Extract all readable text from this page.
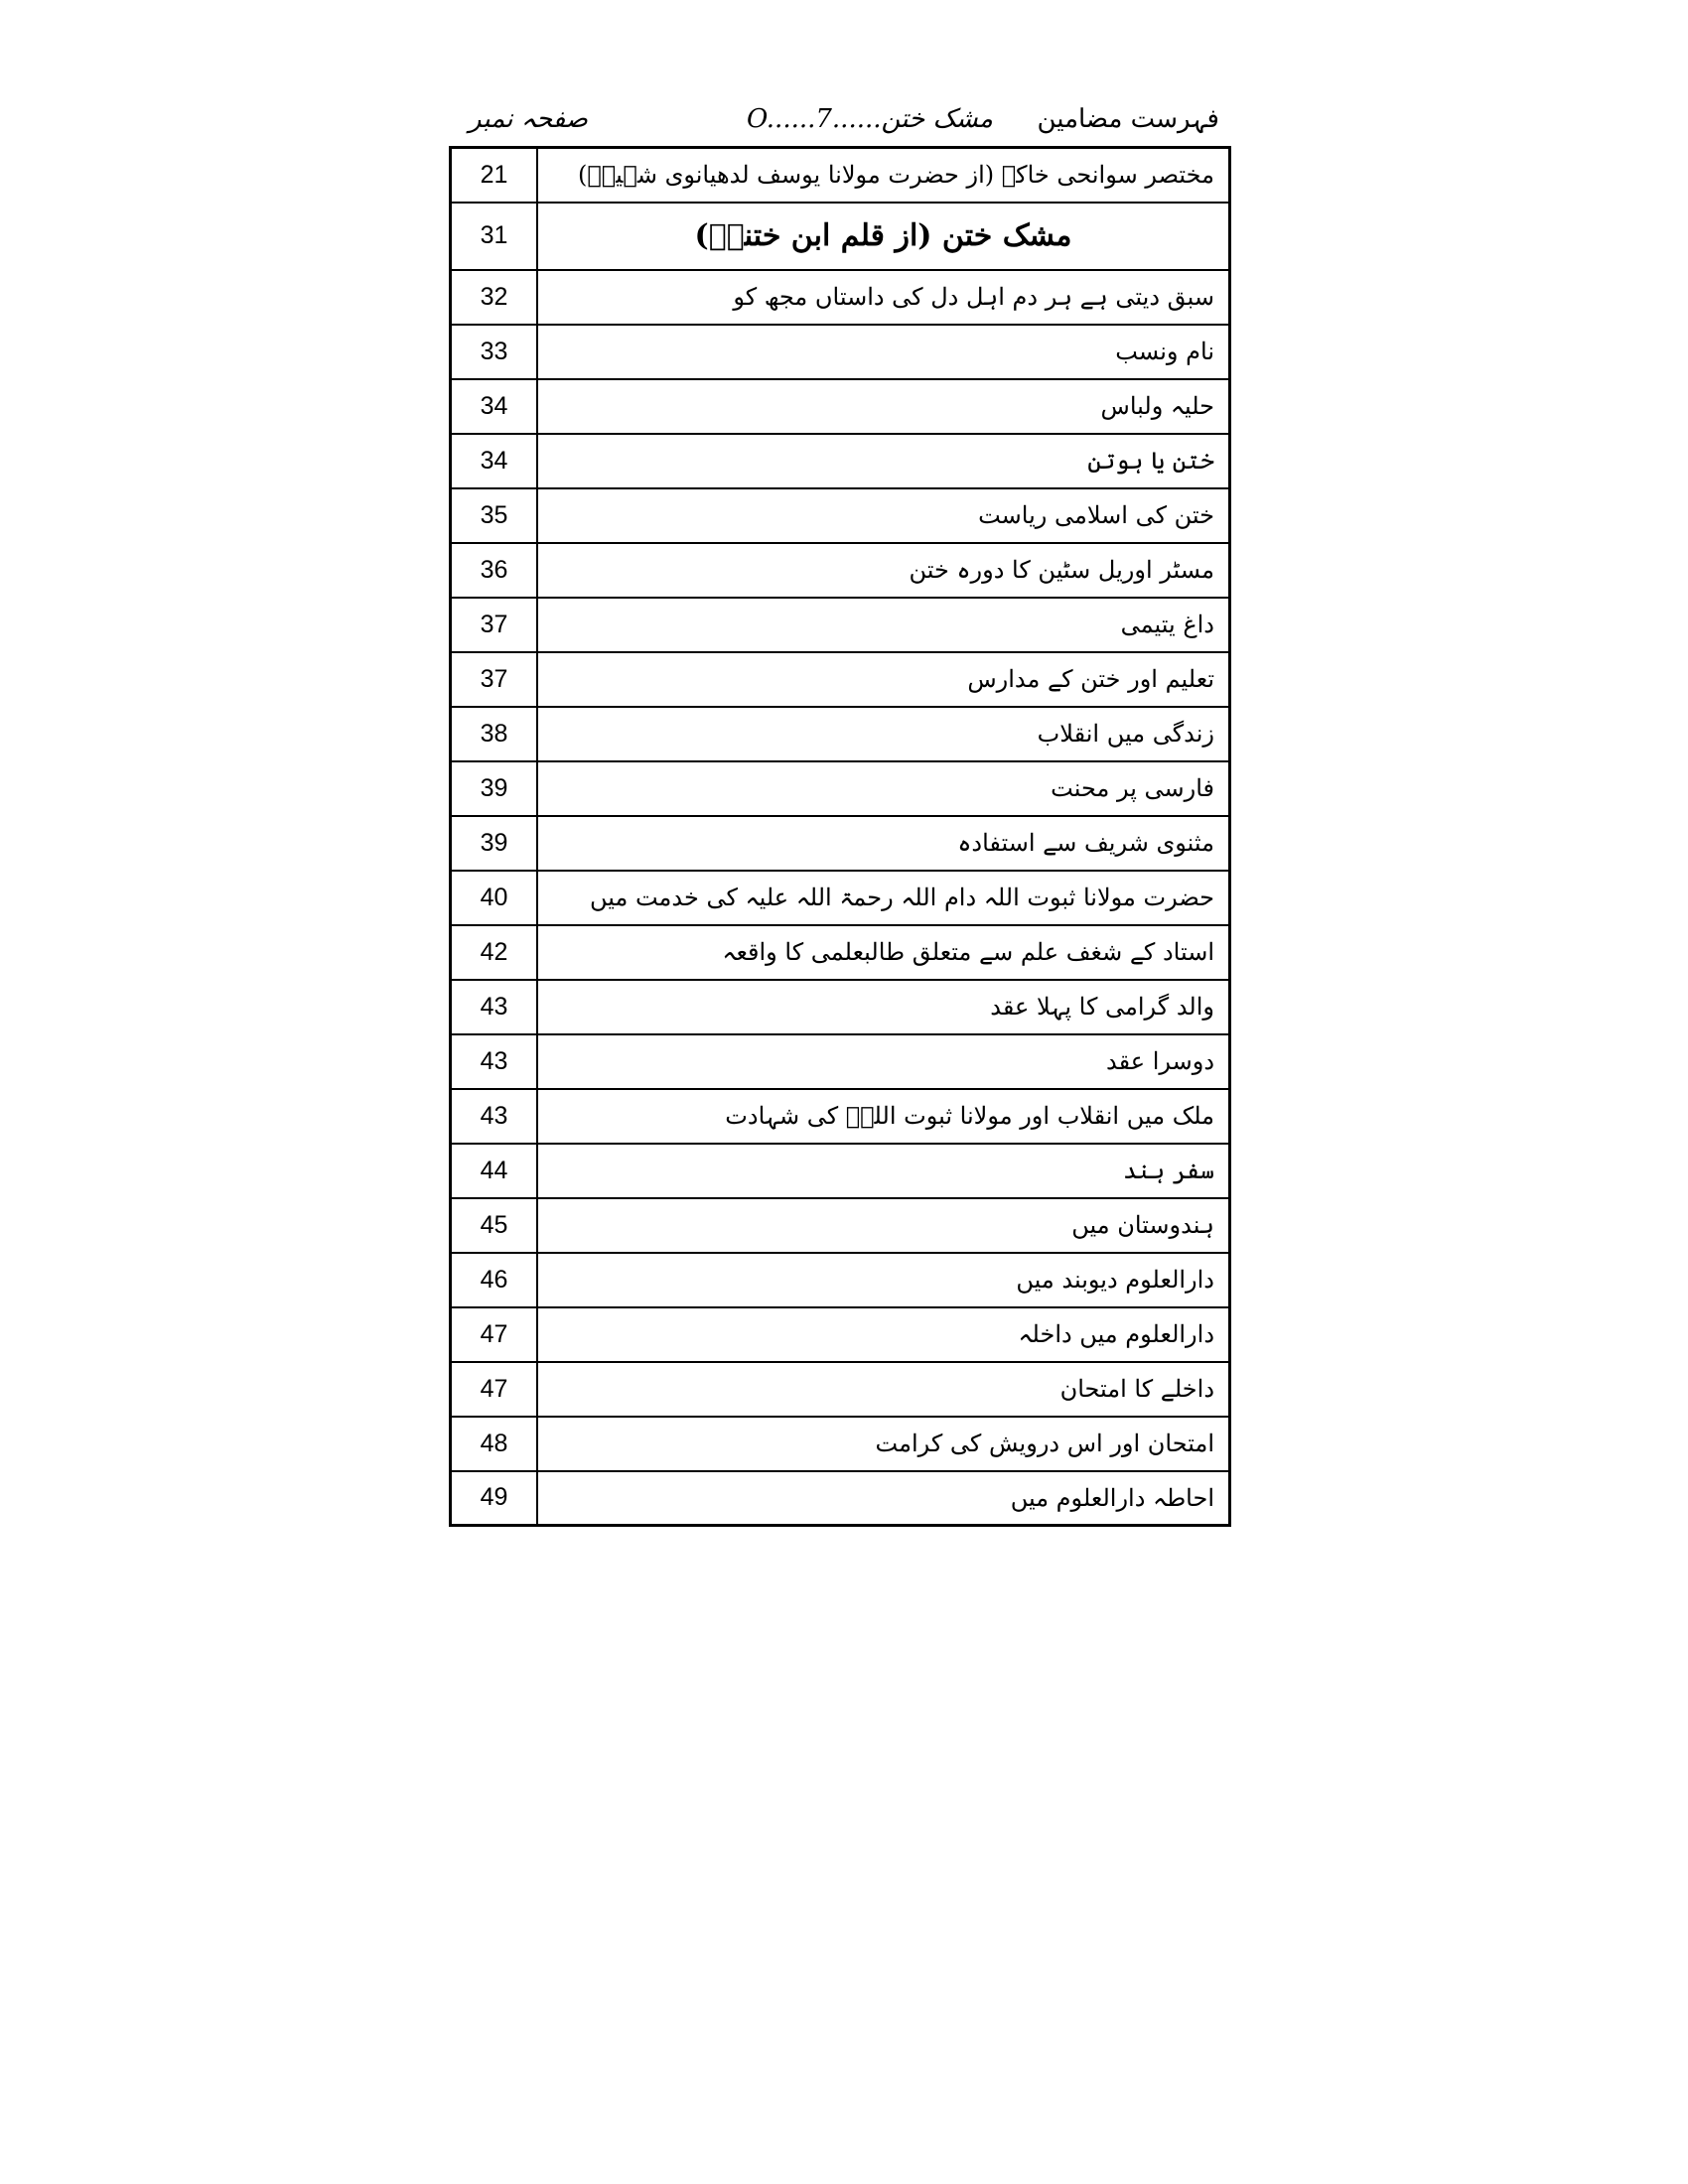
فہرست مضامین
مشک ختن......O......7
صفحہ نمبر
21	مختصر سوانحی خاکہ (از حضرت مولانا یوسف لدھیانوی شہیدؒ)
31	مشک ختن (از قلم ابن ختنیؒ)
32	سبق دیتی ہے ہر دم اہل دل کی داستاں مجھ کو
33	نام ونسب
34	حلیہ ولباس
34	ختن یا ہوتن
35	ختن کی اسلامی ریاست
36	مسٹر اوریل سٹین کا دورہ ختن
37	داغ یتیمی
37	تعلیم اور ختن کے مدارس
38	زندگی میں انقلاب
39	فارسی پر محنت
39	مثنوی شریف سے استفادہ
40	حضرت مولانا ثبوت اللہ دام اللہ رحمۃ اللہ علیہ کی خدمت میں
42	استاد کے شغف علم سے متعلق طالبعلمی کا واقعہ
43	والد گرامی کا پہلا عقد
43	دوسرا عقد
43	ملک میں انقلاب اور مولانا ثبوت اللہؒ کی شہادت
44	سفر ہند
45	ہندوستان میں
46	دارالعلوم دیوبند میں
47	دارالعلوم میں داخلہ
47	داخلے کا امتحان
48	امتحان اور اس درویش کی کرامت
49	احاطہ دارالعلوم میں
